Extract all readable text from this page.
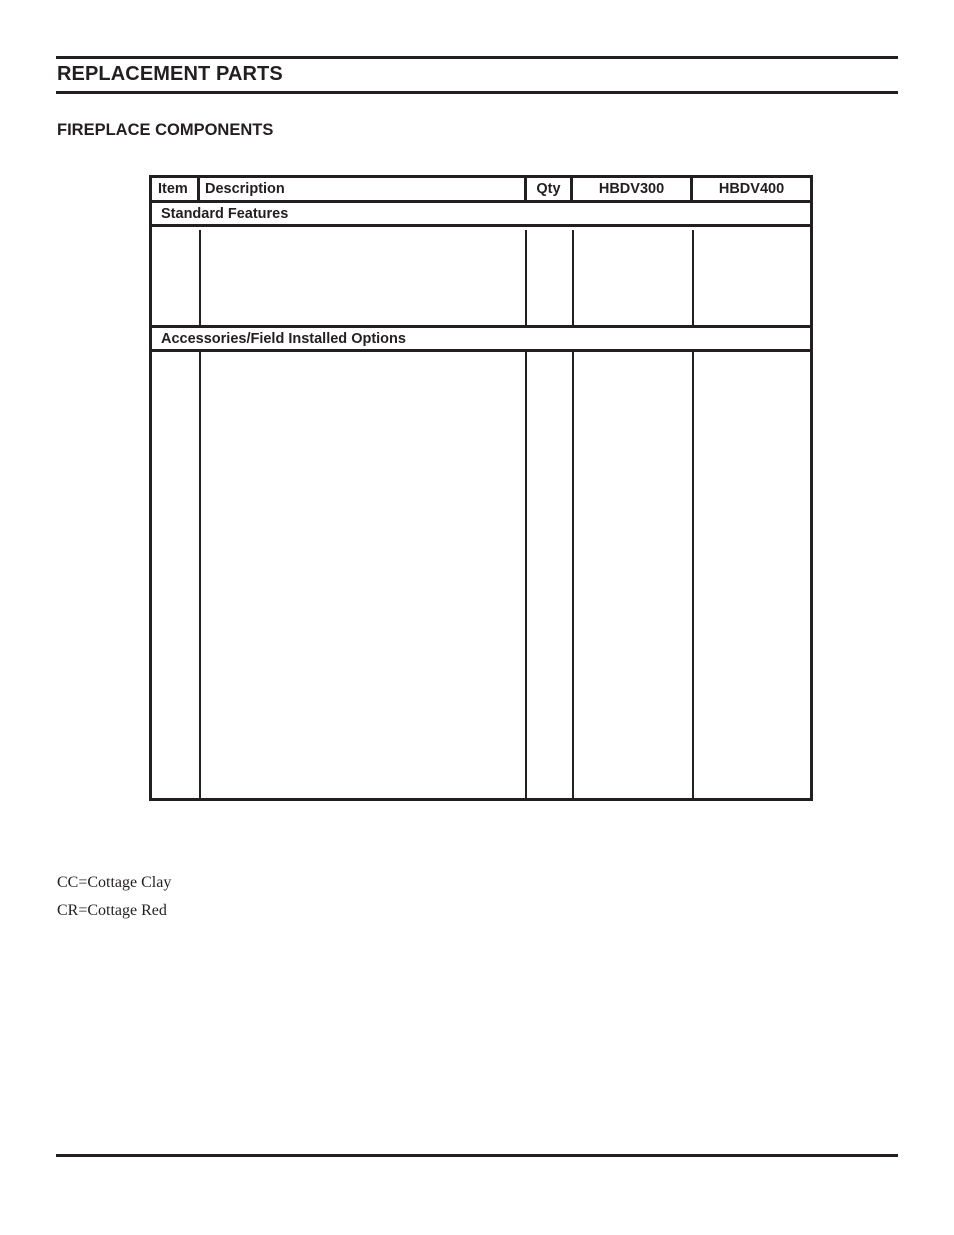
REPLACEMENT PARTS
FIREPLACE COMPONENTS
Item	Description	Qty	HBDV300	HBDV400
Standard Features
Accessories/Field Installed Options
CC=Cottage Clay
CR=Cottage Red
